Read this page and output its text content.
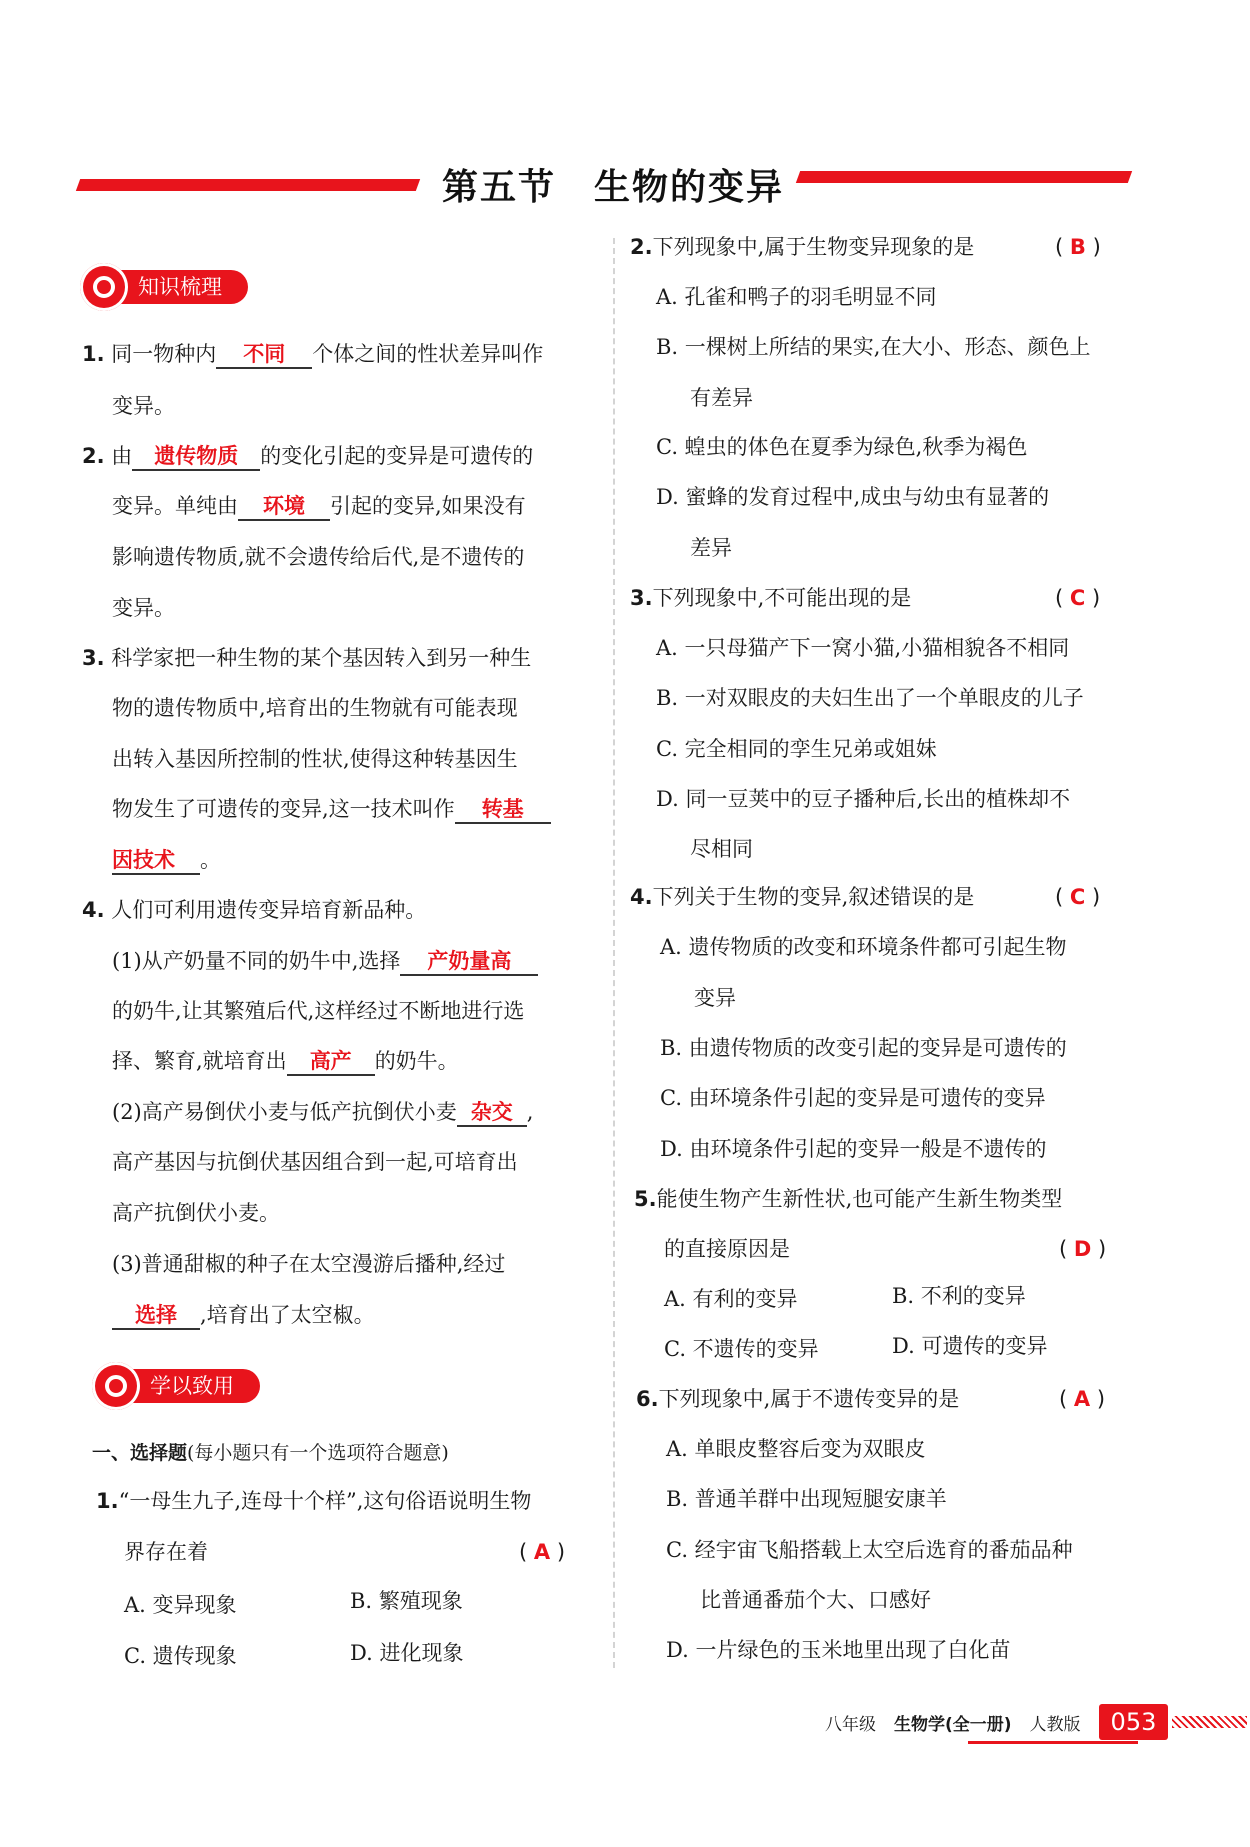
第五节　生物的变异
知识梳理
1. 同一物种内 不同 个体之间的性状差异叫作
变异。
2. 由 遗传物质 的变化引起的变异是可遗传的
变异。单纯由 环境 引起的变异,如果没有
影响遗传物质,就不会遗传给后代,是不遗传的
变异。
3. 科学家把一种生物的某个基因转入到另一种生
物的遗传物质中,培育出的生物就有可能表现
出转入基因所控制的性状,使得这种转基因生
物发生了可遗传的变异,这一技术叫作 转基
因技术 。
4. 人们可利用遗传变异培育新品种。
(1)从产奶量不同的奶牛中,选择 产奶量高
的奶牛,让其繁殖后代,这样经过不断地进行选
择、繁育,就培育出 高产 的奶牛。
(2)高产易倒伏小麦与低产抗倒伏小麦 杂交 ,
高产基因与抗倒伏基因组合到一起,可培育出
高产抗倒伏小麦。
(3)普通甜椒的种子在太空漫游后播种,经过
选择 ,培育出了太空椒。
学以致用
一、选择题(每小题只有一个选项符合题意)
1.“一母生九子,连母十个样”,这句俗语说明生物
界存在着	( A )
A. 变异现象	B. 繁殖现象
C. 遗传现象	D. 进化现象
2.下列现象中,属于生物变异现象的是	( B )
A. 孔雀和鸭子的羽毛明显不同
B. 一棵树上所结的果实,在大小、形态、颜色上
有差异
C. 蝗虫的体色在夏季为绿色,秋季为褐色
D. 蜜蜂的发育过程中,成虫与幼虫有显著的
差异
3.下列现象中,不可能出现的是	( C )
A. 一只母猫产下一窝小猫,小猫相貌各不相同
B. 一对双眼皮的夫妇生出了一个单眼皮的儿子
C. 完全相同的孪生兄弟或姐妹
D. 同一豆荚中的豆子播种后,长出的植株却不
尽相同
4.下列关于生物的变异,叙述错误的是	( C )
A. 遗传物质的改变和环境条件都可引起生物
变异
B. 由遗传物质的改变引起的变异是可遗传的
C. 由环境条件引起的变异是可遗传的变异
D. 由环境条件引起的变异一般是不遗传的
5.能使生物产生新性状,也可能产生新生物类型
的直接原因是	( D )
A. 有利的变异	B. 不利的变异
C. 不遗传的变异	D. 可遗传的变异
6.下列现象中,属于不遗传变异的是	( A )
A. 单眼皮整容后变为双眼皮
B. 普通羊群中出现短腿安康羊
C. 经宇宙飞船搭载上太空后选育的番茄品种
比普通番茄个大、口感好
D. 一片绿色的玉米地里出现了白化苗
八年级 生物学(全一册) 人教版	053
